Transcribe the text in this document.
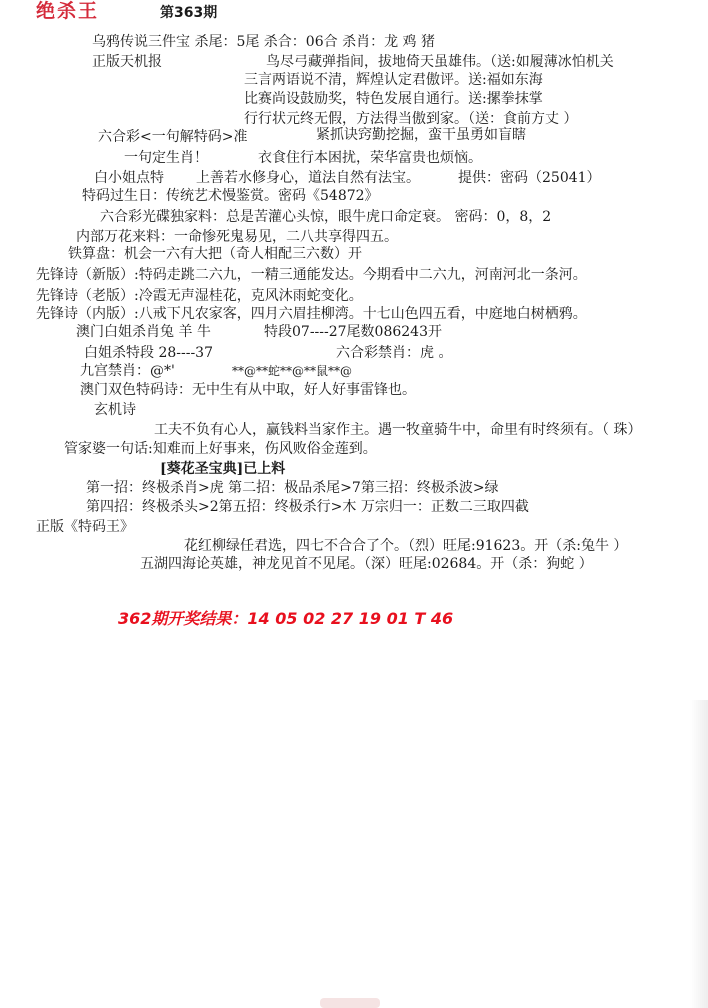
绝杀王	第363期
乌鸦传说三件宝 杀尾：5尾 杀合：06合 杀肖：龙 鸡 猪
正版天机报	鸟尽弓藏弹指间，拔地倚天虽雄伟。（送:如履薄冰怕机关
三言两语说不清，辉煌认定君傲评。送:福如东海
比赛尚设鼓励奖，特色发展自通行。送:摞拳抹掌
行行状元终无假，方法得当傲到家。（送：食前方丈 ）
六合彩<一句解特码>准	紧抓诀窍勤挖掘，蛮干虽勇如盲瞎
一句定生肖！	衣食住行本困扰，荣华富贵也烦恼。
白小姐点特 上善若水修身心，道法自然有法宝。	提供：密码（25041）
特码过生日：传统艺术慢鉴赏。密码《54872》
六合彩光碟独家料：总是苦灌心头惊，眼牛虎口命定衰。 密码：0，8，2
内部万花来料：一命惨死鬼易见，二八共享得四五。
铁算盘：机会一六有大把（奇人相配三六数）开
先锋诗（新版）:特码走跳二六九，一精三通能发达。今期看中二六九，河南河北一条河。
先锋诗（老版）:冷霞无声湿桂花，克风沐雨蛇变化。
先锋诗（内版）:八戒下凡农家客，四月六眉挂柳湾。十七山色四五看，中庭地白树栖鸦。
澳门白姐杀肖兔 羊 牛	特段07----27尾数086243开
白姐杀特段 28----37	六合彩禁肖：虎 。
九宫禁肖：@*'	**@**蛇**@**鼠**@
澳门双色特码诗：无中生有从中取，好人好事雷锋也。
玄机诗
工夫不负有心人，赢钱料当家作主。遇一牧童骑牛中，命里有时终须有。（ 珠）
管家婆一句话:知难而上好事来，伤风败俗金莲到。
[葵花圣宝典]已上料
第一招：终极杀肖>虎 第二招：极品杀尾>7第三招：终极杀波>绿
第四招：终极杀头>2第五招：终极杀行>木 万宗归一：正数二三取四截
正版《特码王》
花红柳绿任君选，四七不合合了个。（烈）旺尾:91623。开（杀:兔牛 ）
五湖四海论英雄，神龙见首不见尾。（深）旺尾:02684。开（杀：狗蛇 ）
362期开奖结果：14 05 02 27 19 01 T 46
